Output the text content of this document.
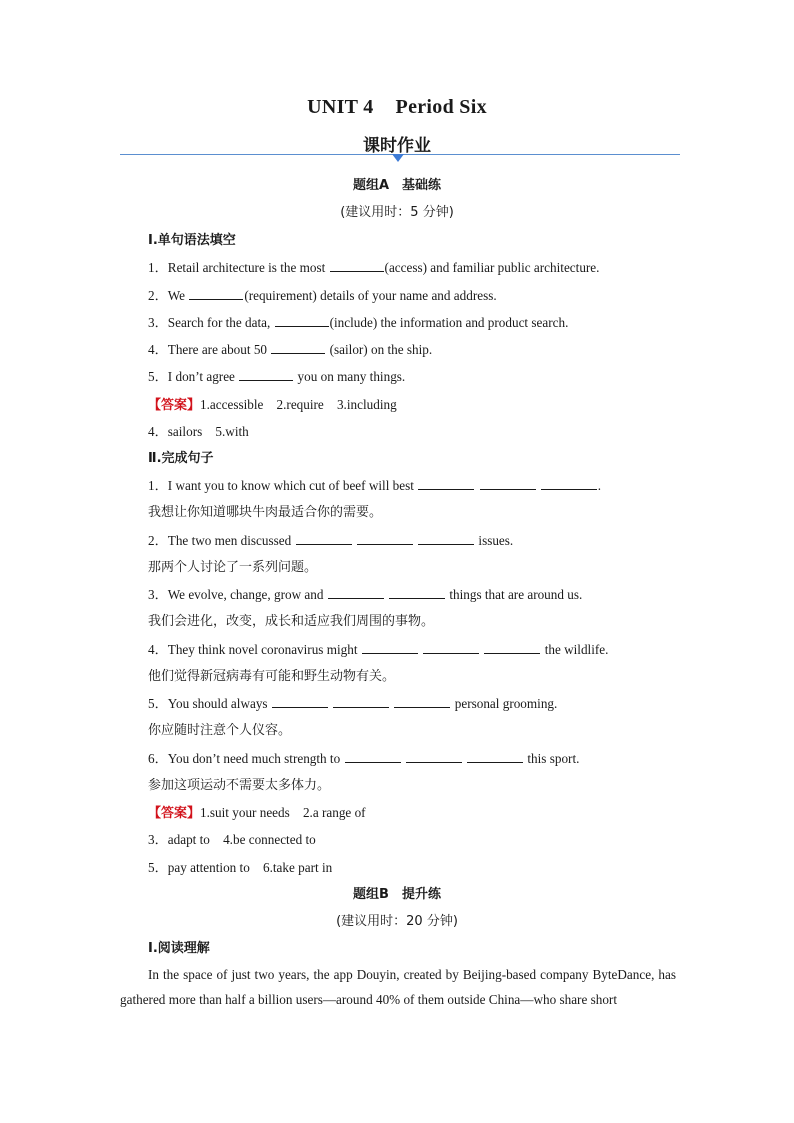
UNIT 4 Period Six
课时作业
题组A　基础练
(建议用时：5 分钟)
Ⅰ.单句语法填空
1．Retail architecture is the most	(access) and familiar public architecture.
2．We	(requirement) details of your name and address.
3．Search for the data,	(include) the information and product search.
4．There are about 50	(sailor) on the ship.
5．I don’t agree	you on many things.
【答案】1.accessible　2.require　3.including
4．sailors　5.with
Ⅱ.完成句子
1．I want you to know which cut of beef will best	.
我想让你知道哪块牛肉最适合你的需要。
2．The two men discussed	issues.
那两个人讨论了一系列问题。
3．We evolve, change, grow and	things that are around us.
我们会进化，改变，成长和适应我们周围的事物。
4．They think novel coronavirus might	the wildlife.
他们觉得新冠病毒有可能和野生动物有关。
5．You should always	personal grooming.
你应随时注意个人仪容。
6．You don’t need much strength to	this sport.
参加这项运动不需要太多体力。
【答案】1.suit your needs　2.a range of
3．adapt to　4.be connected to
5．pay attention to　6.take part in
题组B　提升练
(建议用时：20 分钟)
Ⅰ.阅读理解
In the space of just two years, the app Douyin, created by Beijing-based company ByteDance, has gathered more than half a billion users—around 40% of them outside China—who share short
